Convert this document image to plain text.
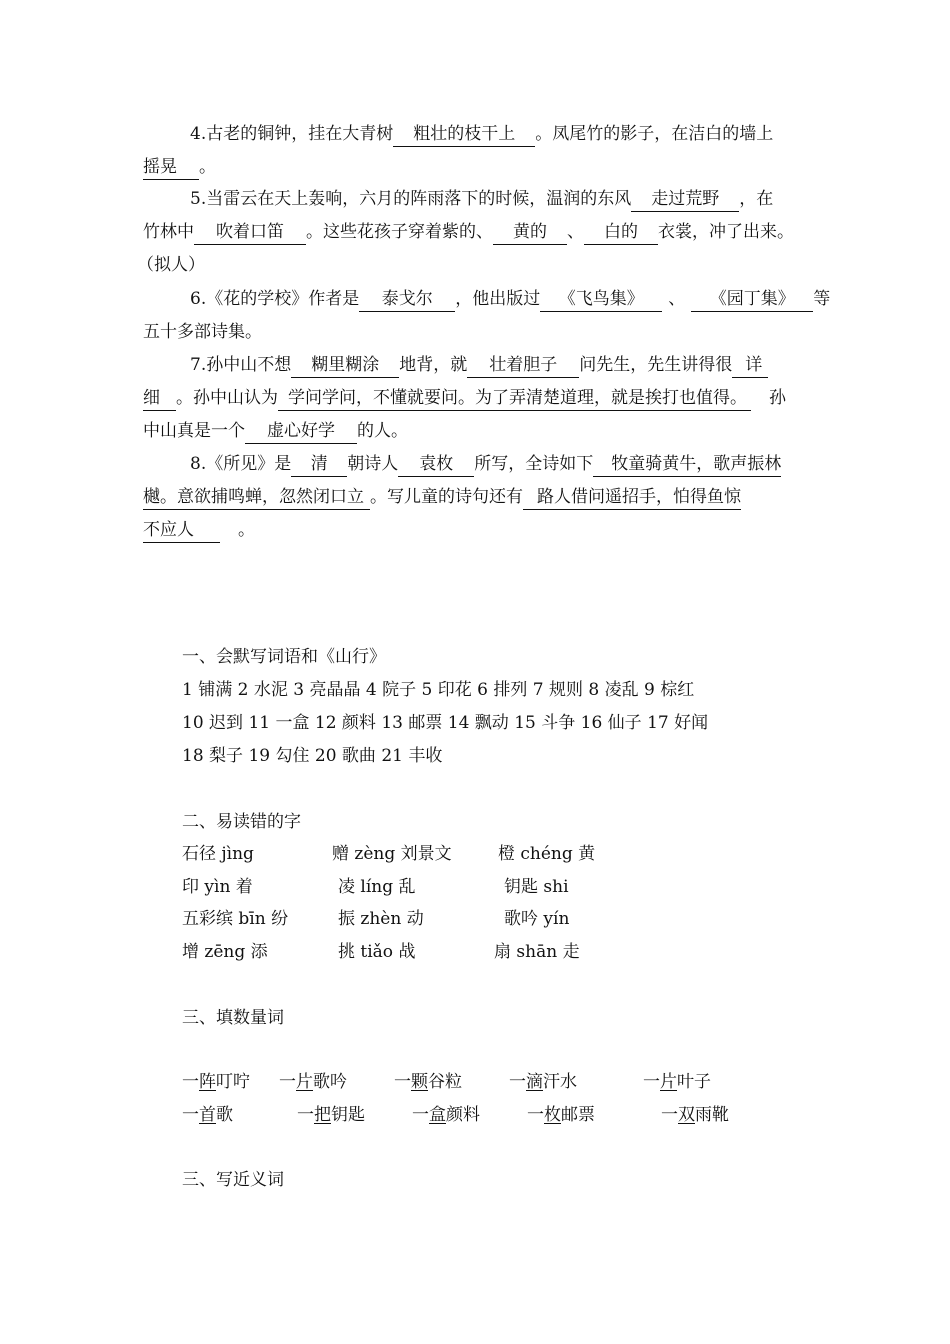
4.古老的铜钟，挂在大青树 粗壮的枝干上 。凤尾竹的影子，在洁白的墙上
摇晃 。
5.当雷云在天上轰响，六月的阵雨落下的时候，温润的东风 走过荒野 ，在
竹林中 吹着口笛 。这些花孩子穿着紫的、 黄的 、 白的 衣裳，冲了出来。
（拟人）
6.《花的学校》作者是 泰戈尔 ，他出版过 《飞鸟集》 、 《园丁集》 等
五十多部诗集。
7.孙中山不想 糊里糊涂 地背，就 壮着胆子 问先生，先生讲得很 详
细 。孙中山认为 学问学问，不懂就要问。为了弄清楚道理，就是挨打也值得。 孙
中山真是一个 虚心好学 的人。
8.《所见》是 清 朝诗人 袁枚 所写，全诗如下 牧童骑黄牛，歌声振林
樾。意欲捕鸣蝉，忽然闭口立 。写儿童的诗句还有 路人借问遥招手，怕得鱼惊
不应人	。
一、会默写词语和《山行》
1 铺满 2 水泥 3 亮晶晶 4 院子 5 印花 6 排列 7 规则 8 凌乱 9 棕红
10 迟到 11 一盒 12 颜料 13 邮票 14 飘动 15 斗争 16 仙子 17 好闻
18 梨子 19 勾住 20 歌曲 21 丰收
二、易读错的字
石径 jìng	赠 zèng 刘景文	橙 chéng 黄
印 yìn 着	凌 líng 乱	钥匙 shi
五彩缤 bīn 纷	振 zhèn 动	歌吟 yín
增 zēng 添	挑 tiǎo 战	扇 shān 走
三、填数量词
一阵叮咛 一片歌吟	一颗谷粒	一滴汗水	一片叶子
一首歌	一把钥匙	一盒颜料	一枚邮票	一双雨靴
三、写近义词
